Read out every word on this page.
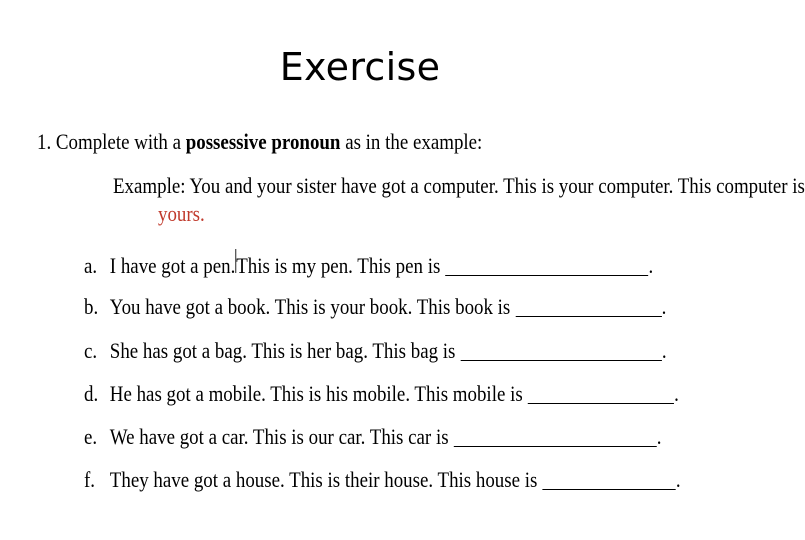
Exercise
1. Complete with a possessive pronoun as in the example:
Example: You and your sister have got a computer. This is your computer. This computer is
yours.
a. I have got a pen. This is my pen. This pen is	.
b. You have got a book. This is your book. This book is	.
c. She has got a bag. This is her bag. This bag is	.
d. He has got a mobile. This is his mobile. This mobile is	.
e. We have got a car. This is our car. This car is	.
f. They have got a house. This is their house. This house is	.
